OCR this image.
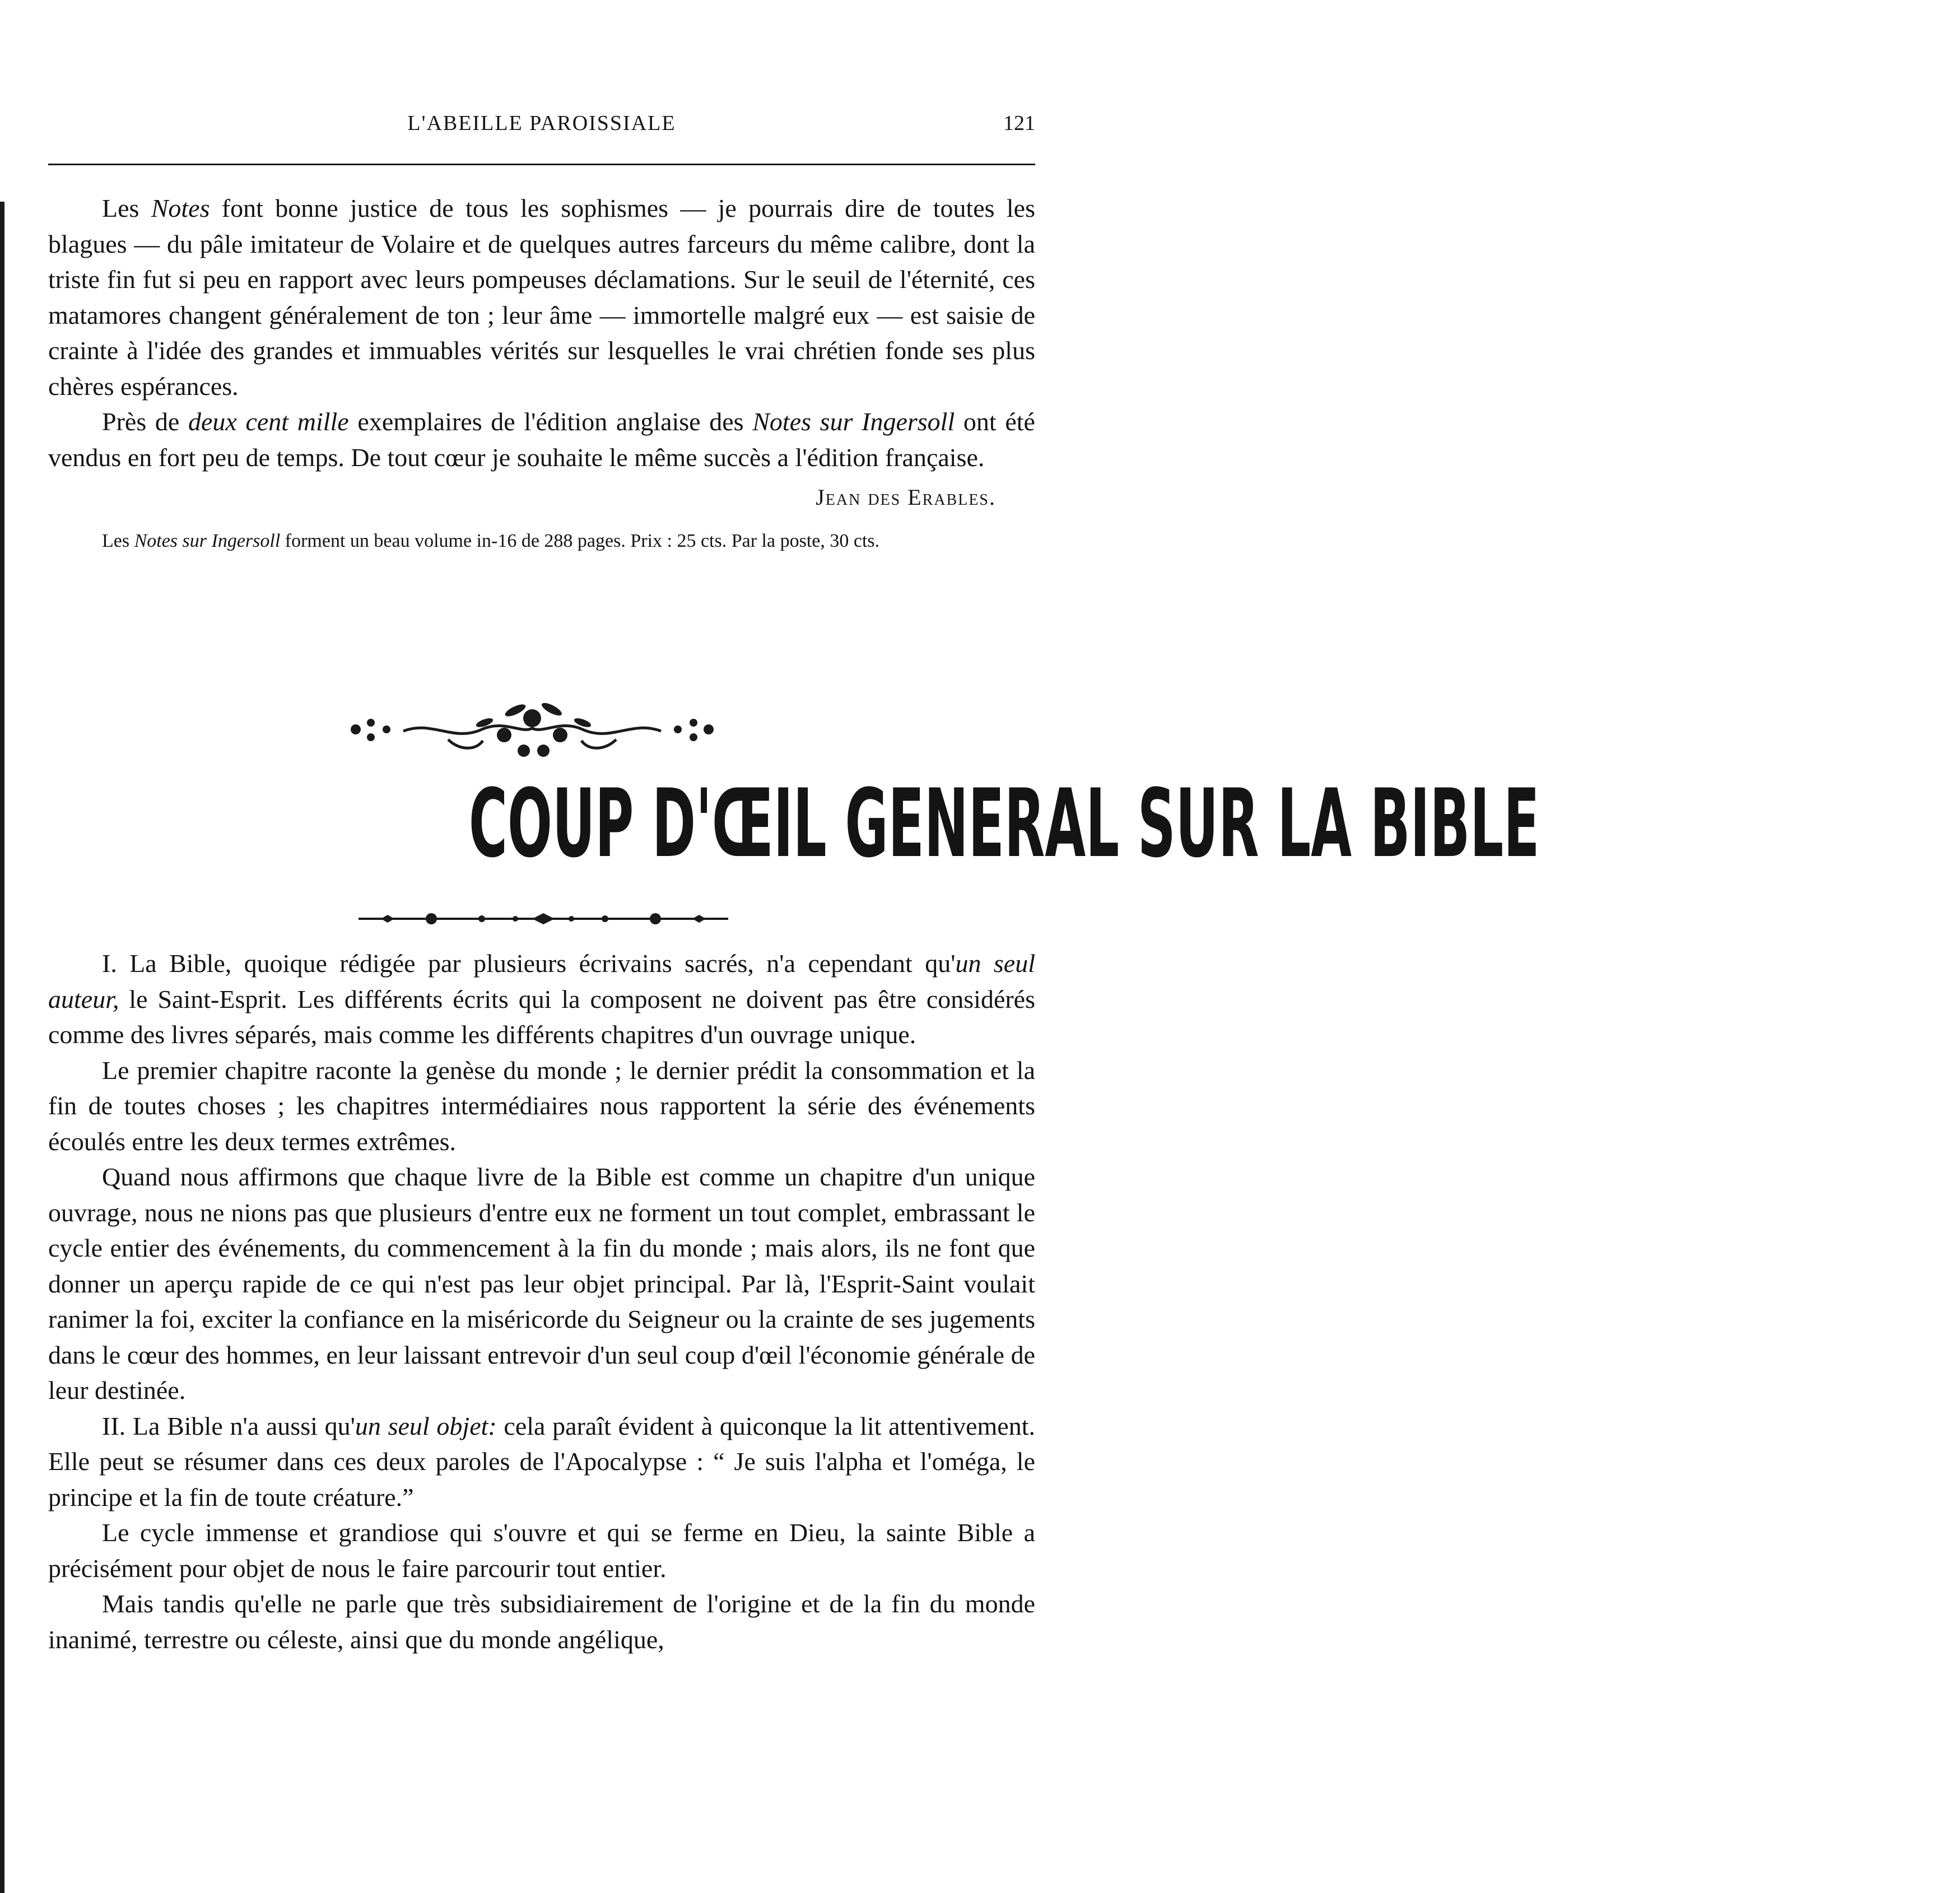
L'ABEILLE PAROISSIALE	121

Les Notes font bonne justice de tous les sophismes — je pourrais dire de toutes les blagues — du pâle imitateur de Volaire et de quelques autres farceurs du même calibre, dont la triste fin fut si peu en rapport avec leurs pompeuses déclamations. Sur le seuil de l'éternité, ces matamores changent généralement de ton ; leur âme — immortelle malgré eux — est saisie de crainte à l'idée des grandes et immuables vérités sur lesquelles le vrai chrétien fonde ses plus chères espérances.

Près de deux cent mille exemplaires de l'édition anglaise des Notes sur Ingersoll ont été vendus en fort peu de temps. De tout cœur je souhaite le même succès a l'édition française.

Jean des Erables.

Les Notes sur Ingersoll forment un beau volume in-16 de 288 pages. Prix : 25 cts. Par la poste, 30 cts.

COUP D'ŒIL GENERAL SUR LA BIBLE

I. La Bible, quoique rédigée par plusieurs écrivains sacrés, n'a cependant qu'un seul auteur, le Saint-Esprit. Les différents écrits qui la composent ne doivent pas être considérés comme des livres séparés, mais comme les différents chapitres d'un ouvrage unique.

Le premier chapitre raconte la genèse du monde ; le dernier prédit la consommation et la fin de toutes choses ; les chapitres intermédiaires nous rapportent la série des événements écoulés entre les deux termes extrêmes.

Quand nous affirmons que chaque livre de la Bible est comme un chapitre d'un unique ouvrage, nous ne nions pas que plusieurs d'entre eux ne forment un tout complet, embrassant le cycle entier des événements, du commencement à la fin du monde ; mais alors, ils ne font que donner un aperçu rapide de ce qui n'est pas leur objet principal. Par là, l'Esprit-Saint voulait ranimer la foi, exciter la confiance en la miséricorde du Seigneur ou la crainte de ses jugements dans le cœur des hommes, en leur laissant entrevoir d'un seul coup d'œil l'économie générale de leur destinée.

II. La Bible n'a aussi qu'un seul objet: cela paraît évident à quiconque la lit attentivement. Elle peut se résumer dans ces deux paroles de l'Apocalypse : “ Je suis l'alpha et l'oméga, le principe et la fin de toute créature.”

Le cycle immense et grandiose qui s'ouvre et qui se ferme en Dieu, la sainte Bible a précisément pour objet de nous le faire parcourir tout entier.

Mais tandis qu'elle ne parle que très subsidiairement de l'origine et de la fin du monde inanimé, terrestre ou céleste, ainsi que du monde angélique,
